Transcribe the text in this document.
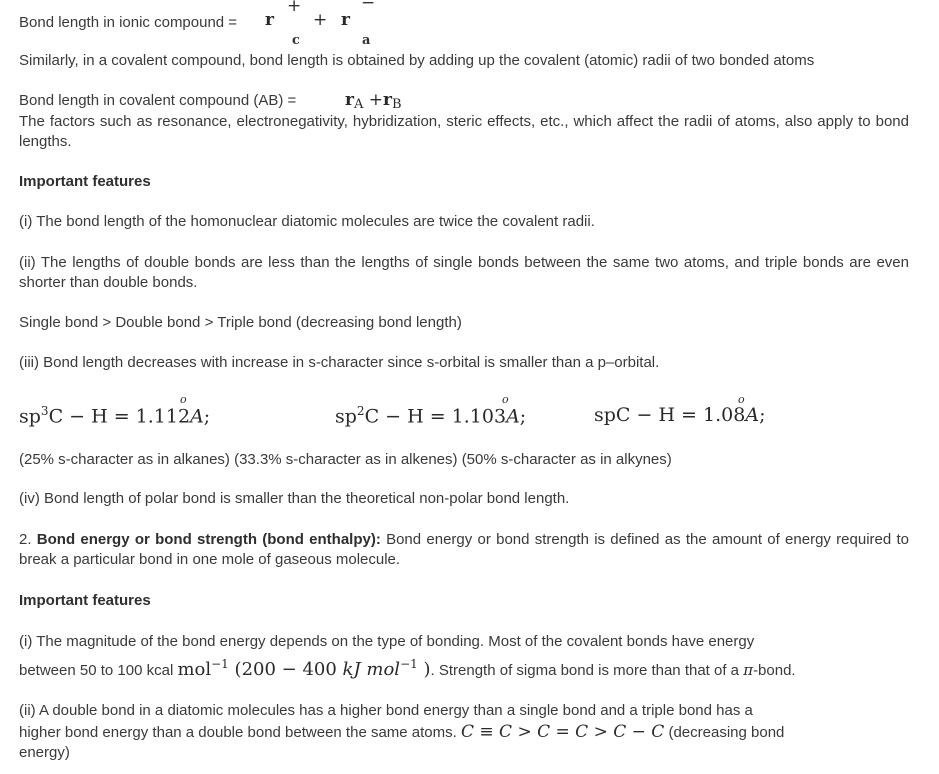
Bond length in ionic compound =	r
+
c
+ r
−
a
Similarly, in a covalent compound, bond length is obtained by adding up the covalent (atomic) radii of two bonded atoms
Bond length in covalent compound (AB) =	rA +rB
The factors such as resonance, electronegativity, hybridization, steric effects, etc., which affect the radii of atoms, also apply to bond lengths.
Important features
(i) The bond length of the homonuclear diatomic molecules are twice the covalent radii.
(ii) The lengths of double bonds are less than the lengths of single bonds between the same two atoms, and triple bonds are even shorter than double bonds.
Single bond > Double bond > Triple bond (decreasing bond length)
(iii) Bond length decreases with increase in s-character since s-orbital is smaller than a p–orbital.
$sp^3C - H = 1.112A$;
o
$sp^2C - H = 1.103A$;
o
spC − H = 1.08A;
o
(25% s-character as in alkanes) (33.3% s-character as in alkenes) (50% s-character as in alkynes)
(iv) Bond length of polar bond is smaller than the theoretical non-polar bond length.
2. Bond energy or bond strength (bond enthalpy): Bond energy or bond strength is defined as the amount of energy required to break a particular bond in one mole of gaseous molecule.
Important features
(i) The magnitude of the bond energy depends on the type of bonding. Most of the covalent bonds have energy
between 50 to 100 kcal mol$^{-1}$ (200 − 400 kJ mol$^{-1}$ ). Strength of sigma bond is more than that of a π-bond.
(ii) A double bond in a diatomic molecules has a higher bond energy than a single bond and a triple bond has a
higher bond energy than a double bond between the same atoms. C ≡ C > C = C > C − C (decreasing bond
energy)
